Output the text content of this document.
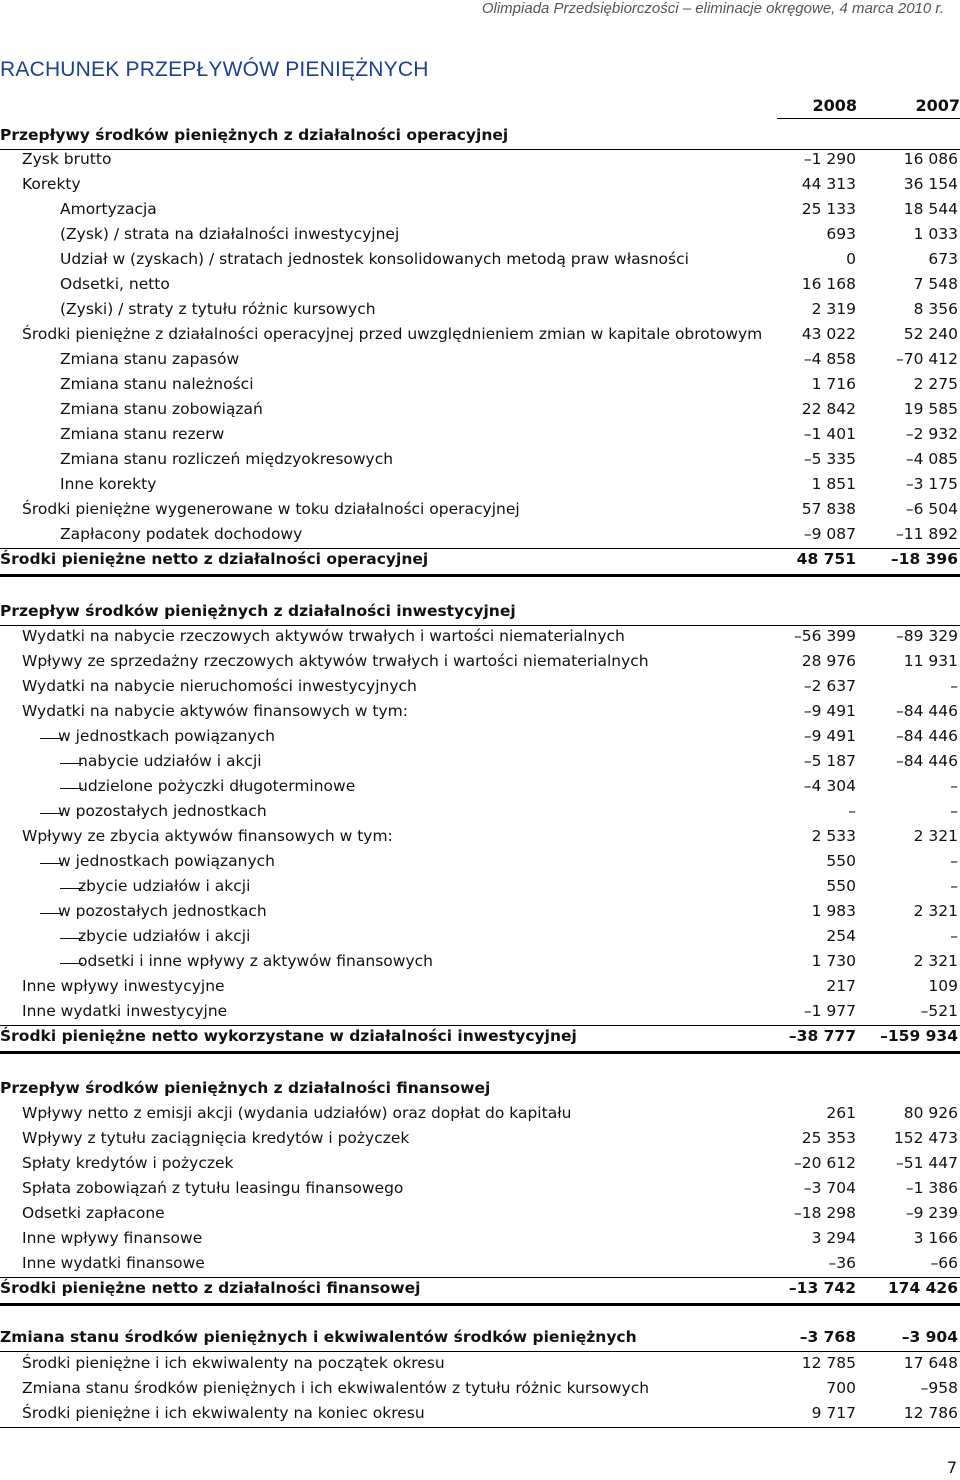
Olimpiada Przedsiębiorczości – eliminacje okręgowe, 4 marca 2010 r.
RACHUNEK PRZEPŁYWÓW PIENIĘŻNYCH
2008	2007
Przepływy środków pieniężnych z działalności operacyjnej
Zysk brutto	–1 290	16 086
Korekty	44 313	36 154
Amortyzacja	25 133	18 544
(Zysk) / strata na działalności inwestycyjnej	693	1 033
Udział w (zyskach) / stratach jednostek konsolidowanych metodą praw własności	0	673
Odsetki, netto	16 168	7 548
(Zyski) / straty z tytułu różnic kursowych	2 319	8 356
Środki pieniężne z działalności operacyjnej przed uwzględnieniem zmian w kapitale obrotowym	43 022	52 240
Zmiana stanu zapasów	–4 858	–70 412
Zmiana stanu należności	1 716	2 275
Zmiana stanu zobowiązań	22 842	19 585
Zmiana stanu rezerw	–1 401	–2 932
Zmiana stanu rozliczeń międzyokresowych	–5 335	–4 085
Inne korekty	1 851	–3 175
Środki pieniężne wygenerowane w toku działalności operacyjnej	57 838	–6 504
Zapłacony podatek dochodowy	–9 087	–11 892
Środki pieniężne netto z działalności operacyjnej	48 751	–18 396
Przepływ środków pieniężnych z działalności inwestycyjnej
Wydatki na nabycie rzeczowych aktywów trwałych i wartości niematerialnych	–56 399	–89 329
Wpływy ze sprzedażny rzeczowych aktywów trwałych i wartości niematerialnych	28 976	11 931
Wydatki na nabycie nieruchomości inwestycyjnych	–2 637	–
Wydatki na nabycie aktywów finansowych w tym:	–9 491	–84 446
w jednostkach powiązanych	–9 491	–84 446
nabycie udziałów i akcji	–5 187	–84 446
udzielone pożyczki długoterminowe	–4 304	–
w pozostałych jednostkach	–	–
Wpływy ze zbycia aktywów finansowych w tym:	2 533	2 321
w jednostkach powiązanych	550	–
zbycie udziałów i akcji	550	–
w pozostałych jednostkach	1 983	2 321
zbycie udziałów i akcji	254	–
odsetki i inne wpływy z aktywów finansowych	1 730	2 321
Inne wpływy inwestycyjne	217	109
Inne wydatki inwestycyjne	–1 977	–521
Środki pieniężne netto wykorzystane w działalności inwestycyjnej	–38 777	–159 934
Przepływ środków pieniężnych z działalności finansowej
Wpływy netto z emisji akcji (wydania udziałów) oraz dopłat do kapitału	261	80 926
Wpływy z tytułu zaciągnięcia kredytów i pożyczek	25 353	152 473
Spłaty kredytów i pożyczek	–20 612	–51 447
Spłata zobowiązań z tytułu leasingu finansowego	–3 704	–1 386
Odsetki zapłacone	–18 298	–9 239
Inne wpływy finansowe	3 294	3 166
Inne wydatki finansowe	–36	–66
Środki pieniężne netto z działalności finansowej	–13 742	174 426
Zmiana stanu środków pieniężnych i ekwiwalentów środków pieniężnych	–3 768	–3 904
Środki pieniężne i ich ekwiwalenty na początek okresu	12 785	17 648
Zmiana stanu środków pieniężnych i ich ekwiwalentów z tytułu różnic kursowych	700	–958
Środki pieniężne i ich ekwiwalenty na koniec okresu	9 717	12 786
7
